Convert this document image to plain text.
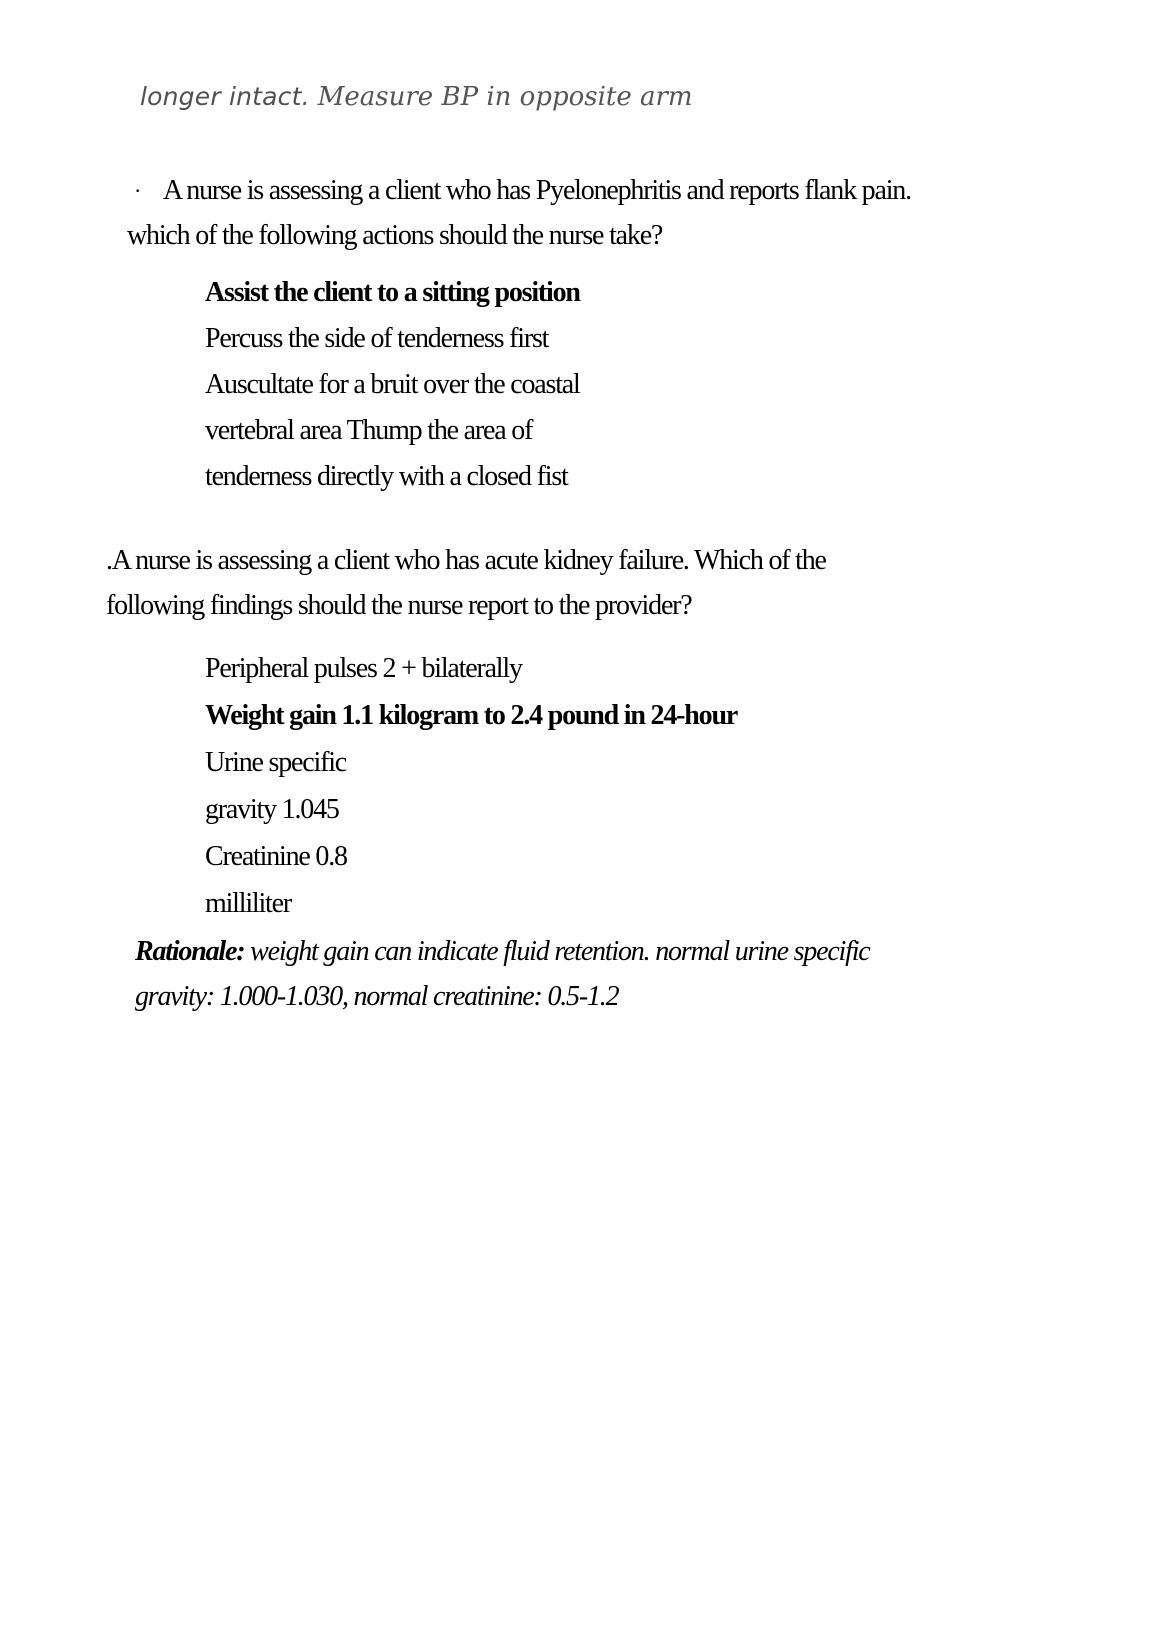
longer intact. Measure BP in opposite arm
· A nurse is assessing a client who has Pyelonephritis and reports flank pain.
which of the following actions should the nurse take?
Assist the client to a sitting position
Percuss the side of tenderness first
Auscultate for a bruit over the coastal
vertebral area Thump the area of
tenderness directly with a closed fist
.A nurse is assessing a client who has acute kidney failure. Which of the
following findings should the nurse report to the provider?
Peripheral pulses 2 + bilaterally
Weight gain 1.1 kilogram to 2.4 pound in 24-hour
Urine specific
gravity 1.045
Creatinine 0.8
milliliter
Rationale: weight gain can indicate fluid retention. normal urine specific
gravity: 1.000-1.030, normal creatinine: 0.5-1.2
